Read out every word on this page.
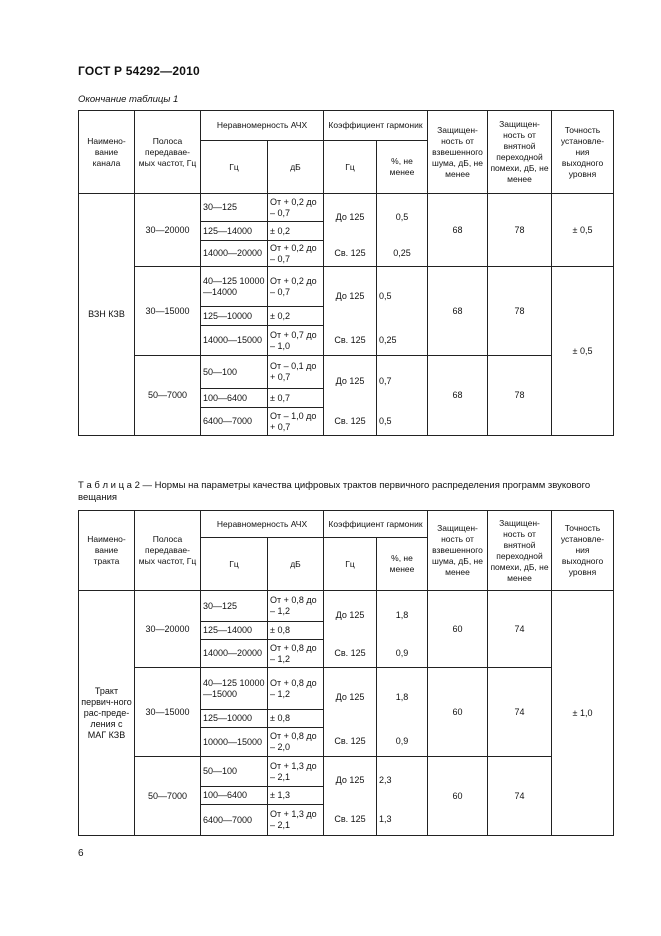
ГОСТ Р 54292—2010
Окончание таблицы 1
Наимено-вание канала	Полоса передавае-мых частот, Гц	Неравномерность АЧХ		Коэффициент гармоник		Защищен-ность от взвешенного шума, дБ, не менее	Защищен-ность от внятной переходной помехи, дБ, не менее	Точность установле-ния выходного уровня
		Гц	дБ	Гц	%, не менее			
ВЗН КЗВ	30—20000	30—125	От + 0,2 до – 0,7	До 125	0,5	68	78	± 0,5
		125—14000	± 0,2					
		14000—20000	От + 0,2 до – 0,7	Св. 125	0,25			
	30—15000	40—125 10000—14000	От + 0,2 до – 0,7	До 125	0,5	68	78	± 0,5
		125—10000	± 0,2					
		14000—15000	От + 0,7 до – 1,0	Св. 125	0,25			
	50—7000	50—100	От – 0,1 до + 0,7	До 125	0,7	68	78	
		100—6400	± 0,7					
		6400—7000	От – 1,0 до + 0,7	Св. 125	0,5			
Т а б л и ц а 2 — Нормы на параметры качества цифровых трактов первичного распределения программ звукового вещания
Наимено-вание тракта	Полоса передавае-мых частот, Гц	Неравномерность АЧХ		Коэффициент гармоник		Защищен-ность от взвешенного шума, дБ, не менее	Защищен-ность от внятной переходной помехи, дБ, не менее	Точность установле-ния выходного уровня
		Гц	дБ	Гц	%, не менее			
Тракт первич-ного рас-преде-ления с МАГ КЗВ	30—20000	30—125	От + 0,8 до – 1,2	До 125	1,8	60	74	± 1,0
		125—14000	± 0,8					
		14000—20000	От + 0,8 до – 1,2	Св. 125	0,9			
	30—15000	40—125 10000—15000	От + 0,8 до – 1,2	До 125	1,8	60	74	
		125—10000	± 0,8					
		10000—15000	От + 0,8 до – 2,0	Св. 125	0,9			
	50—7000	50—100	От + 1,3 до – 2,1	До 125	2,3	60	74	
		100—6400	± 1,3					
		6400—7000	От + 1,3 до – 2,1	Св. 125	1,3			
6
